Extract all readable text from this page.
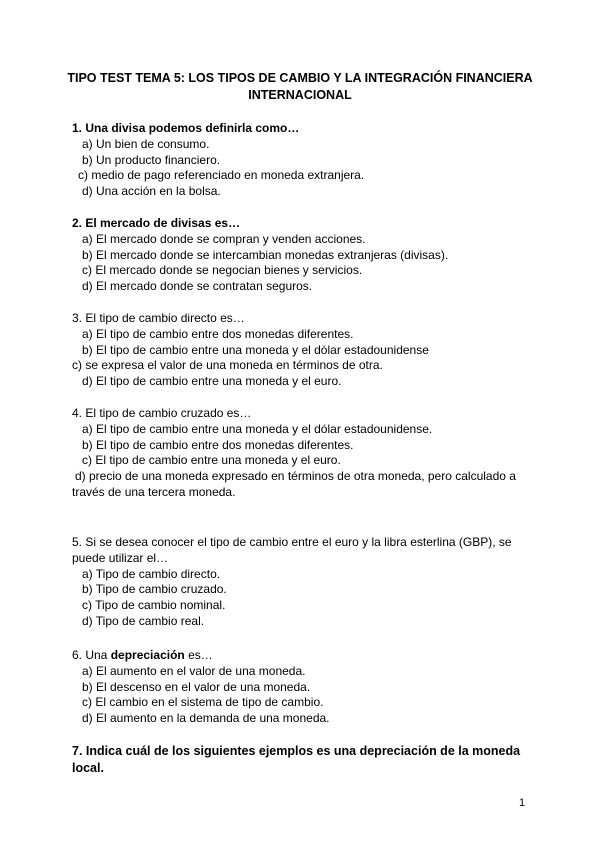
TIPO TEST TEMA 5: LOS TIPOS DE CAMBIO Y LA INTEGRACIÓN FINANCIERA
INTERNACIONAL
1. Una divisa podemos definirla como…
a) Un bien de consumo.
b) Un producto financiero.
c) medio de pago referenciado en moneda extranjera.
d) Una acción en la bolsa.
2. El mercado de divisas es…
a) El mercado donde se compran y venden acciones.
b) El mercado donde se intercambian monedas extranjeras (divisas).
c) El mercado donde se negocian bienes y servicios.
d) El mercado donde se contratan seguros.
3. El tipo de cambio directo es…
a) El tipo de cambio entre dos monedas diferentes.
b) El tipo de cambio entre una moneda y el dólar estadounidense
c) se expresa el valor de una moneda en términos de otra.
d) El tipo de cambio entre una moneda y el euro.
4. El tipo de cambio cruzado es…
a) El tipo de cambio entre una moneda y el dólar estadounidense.
b) El tipo de cambio entre dos monedas diferentes.
c) El tipo de cambio entre una moneda y el euro.
d) precio de una moneda expresado en términos de otra moneda, pero calculado a
través de una tercera moneda.
5. Si se desea conocer el tipo de cambio entre el euro y la libra esterlina (GBP), se
puede utilizar el…
a) Tipo de cambio directo.
b) Tipo de cambio cruzado.
c) Tipo de cambio nominal.
d) Tipo de cambio real.
6. Una depreciación es…
a) El aumento en el valor de una moneda.
b) El descenso en el valor de una moneda.
c) El cambio en el sistema de tipo de cambio.
d) El aumento en la demanda de una moneda.
7. Indica cuál de los siguientes ejemplos es una depreciación de la moneda
local.
1
